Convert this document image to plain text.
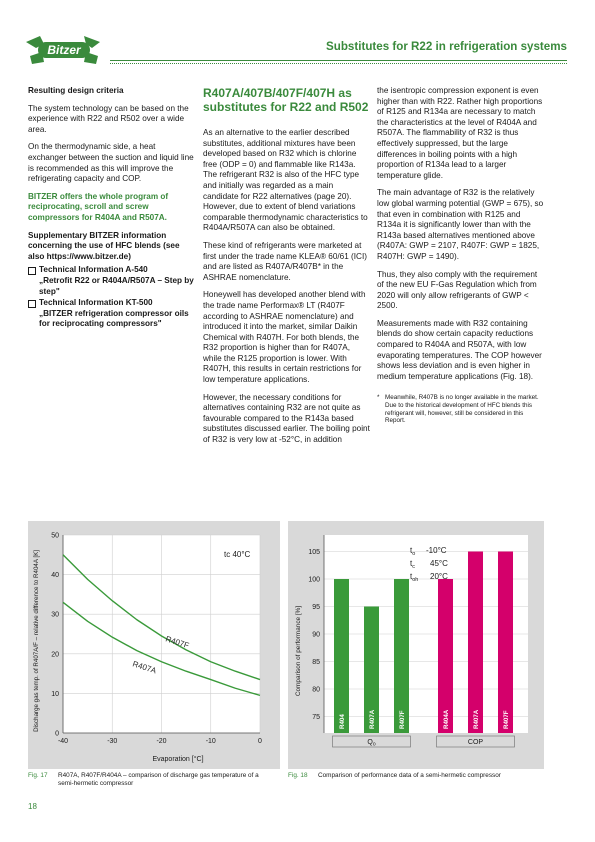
Bitzer	Substitutes for R22 in refrigeration systems

Resulting design criteria

The system technology can be based on the experience with R22 and R502 over a wide area.

On the thermodynamic side, a heat exchanger between the suction and liquid line is recommended as this will improve the refrigerating capacity and COP.

BITZER offers the whole program of reciprocating, scroll and screw compressors for R404A and R507A.

Supplementary BITZER information concerning the use of HFC blends (see also https://www.bitzer.de)

Technical Information A-540
„Retrofit R22 or R404A/R507A – Step by step"
Technical Information KT-500
„BITZER refrigeration compressor oils for reciprocating compressors"
R407A/407B/407F/407H as substitutes for R22 and R502

As an alternative to the earlier described substitutes, additional mixtures have been developed based on R32 which is chlorine free (ODP = 0) and flammable like R143a. The refrigerant R32 is also of the HFC type and initially was regarded as a main candidate for R22 alternatives (page 20). However, due to extent of blend variations comparable thermodynamic characteristics to R404A/R507A can also be obtained.

These kind of refrigerants were marketed at first under the trade name KLEA® 60/61 (ICI) and are listed as R407A/R407B* in the ASHRAE nomenclature.

Honeywell has developed another blend with the trade name Performax® LT (R407F according to ASHRAE nomenclature) and introduced it into the market, similar Daikin Chemical with R407H. For both blends, the R32 proportion is higher than for R407A, while the R125 proportion is lower. With R407H, this results in certain restrictions for low temperature applications.

However, the necessary conditions for alternatives containing R32 are not quite as favourable compared to the R143a based substitutes discussed earlier. The boiling point of R32 is very low at -52°C, in addition

the isentropic compression exponent is even higher than with R22. Rather high proportions of R125 and R134a are necessary to match the characteristics at the level of R404A and R507A. The flammability of R32 is thus effectively suppressed, but the large differences in boiling points with a high proportion of R134a lead to a larger temperature glide.

The main advantage of R32 is the relatively low global warming potential (GWP = 675), so that even in combination with R125 and R134a it is significantly lower than with the R143a based alternatives mentioned above (R407A: GWP = 2107, R407F: GWP = 1825, R407H: GWP = 1490).

Thus, they also comply with the requirement of the new EU F-Gas Regulation which from 2020 will only allow refrigerants of GWP < 2500.

Measurements made with R32 containing blends do show certain capacity reductions compared to R404A and R507A, with low evaporating temperatures. The COP however shows less deviation and is even higher in medium temperature applications (Fig. 18).

* Meanwhile, R407B is no longer available in the market. Due to the historical development of HFC blends this refrigerant will, however, still be considered in this Report.
0
10
20
30
40
50
-40	-30	-20	-10	0
tc 40°C
R407F
R407A
Evaporation [°C]
Discharge gas temp. of R407A/F – relative difference to R404A [K]	R404	R407A	R407F	R404A	R407A	R407F
75
80
85
90
95
100
105
$Q_o$	COP
$t_o$ -10°C
$t_c$ 45°C
$t_{oh}$ 20°C
Comparison of performance [%]
Fig. 17 R407A, R407F/R404A – comparison of discharge gas temperature of a semi-hermetic compressor
Fig. 18 Comparison of performance data of a semi-hermetic compressor
18
